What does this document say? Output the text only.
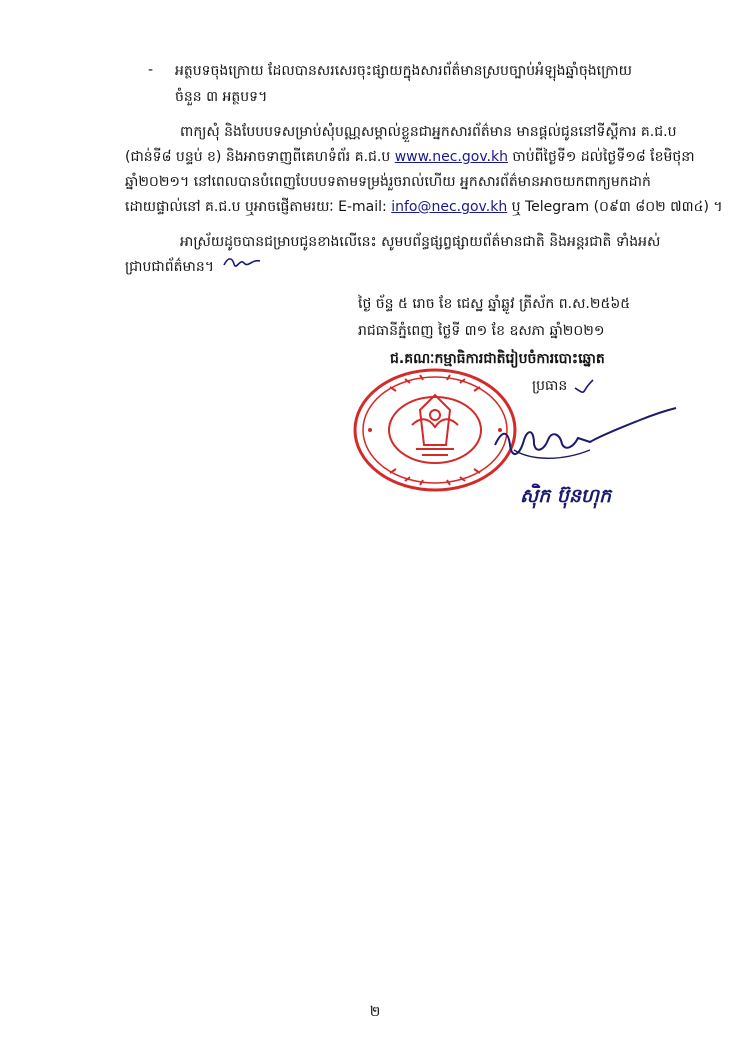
- អត្ថបទចុងក្រោយ ដែលបានសរសេរចុះផ្សាយក្នុងសារព័ត៌មានស្របច្បាប់អំឡុងឆ្នាំចុងក្រោយ
ចំនួន ៣ អត្ថបទ។
ពាក្យសុំ និងបែបបទសម្រាប់សុំបណ្ណសម្គាល់ខ្លួនជាអ្នកសារព័ត៌មាន មានផ្តល់ជូននៅទីស្តីការ គ.ជ.ប
(ជាន់ទី៨ បន្ទប់ ខ) និងអាចទាញពីគេហទំព័រ គ.ជ.ប www.nec.gov.kh ចាប់ពីថ្ងៃទី១ ដល់ថ្ងៃទី១៨ ខែមិថុនា
ឆ្នាំ២០២១។ នៅពេលបានបំពេញបែបបទតាមទម្រង់រួចរាល់ហើយ អ្នកសារព័ត៌មានអាចយកពាក្យមកដាក់
ដោយផ្ទាល់នៅ គ.ជ.ប ឬអាចផ្ញើតាមរយៈ E-mail: info@nec.gov.kh ឬ Telegram (០៩៣ ៨០២ ៧៣៤) ។
អាស្រ័យដូចបានជម្រាបជូនខាងលើនេះ សូមបព័ន្ធផ្សព្វផ្សាយព័ត៌មានជាតិ និងអន្តរជាតិ ទាំងអស់
ជ្រាបជាព័ត៌មាន។
ថ្ងៃ ច័ន្ទ ៥ រោច ខែ ជេស្ឋ ឆ្នាំឆ្លូវ ត្រីស័ក ព.ស.២៥៦៥
រាជធានីភ្នំពេញ ថ្ងៃទី ៣១ ខែ ឧសភា ឆ្នាំ២០២១
ជ.គណៈកម្មាធិការជាតិរៀបចំការបោះឆ្នោត
ប្រធាន
ស៊ិក ប៊ុនហុក
២
